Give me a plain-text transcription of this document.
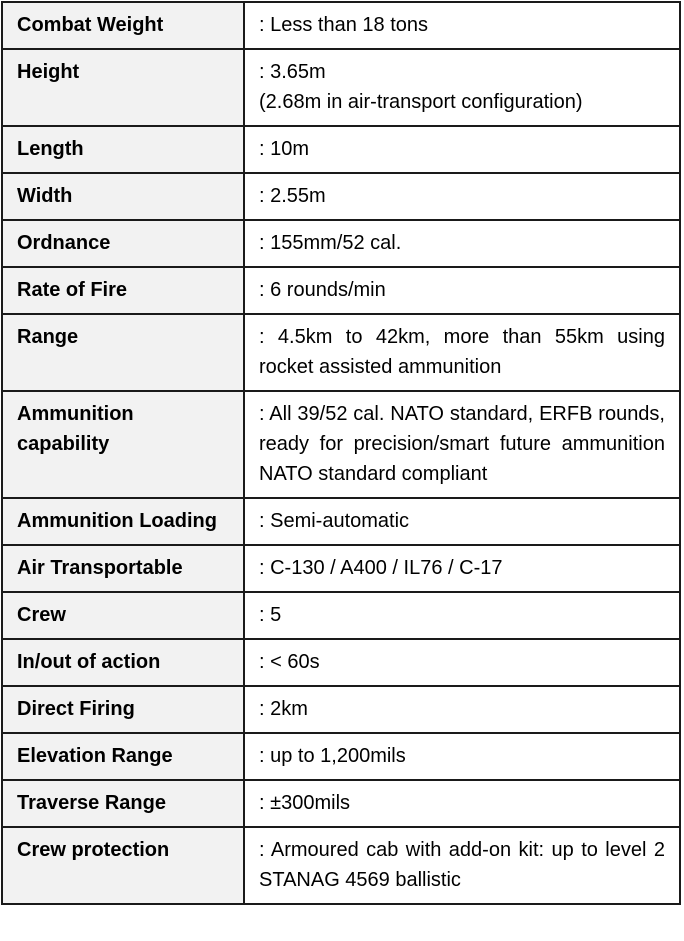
Combat Weight	: Less than 18 tons
Height	: 3.65m
(2.68m in air-transport configuration)

Length	: 10m
Width	: 2.55m
Ordnance	: 155mm/52 cal.
Rate of Fire	: 6 rounds/min
Range	: 4.5km to 42km, more than 55km using rocket assisted ammunition
Ammunition capability	: All 39/52 cal. NATO standard, ERFB rounds, ready for precision/smart future ammunition NATO standard compliant
Ammunition Loading	: Semi-automatic
Air Transportable	: C-130 / A400 / IL76 / C-17
Crew	: 5
In/out of action	: < 60s
Direct Firing	: 2km
Elevation Range	: up to 1,200mils
Traverse Range	: ±300mils
Crew protection	: Armoured cab with add-on kit: up to level 2 STANAG 4569 ballistic
